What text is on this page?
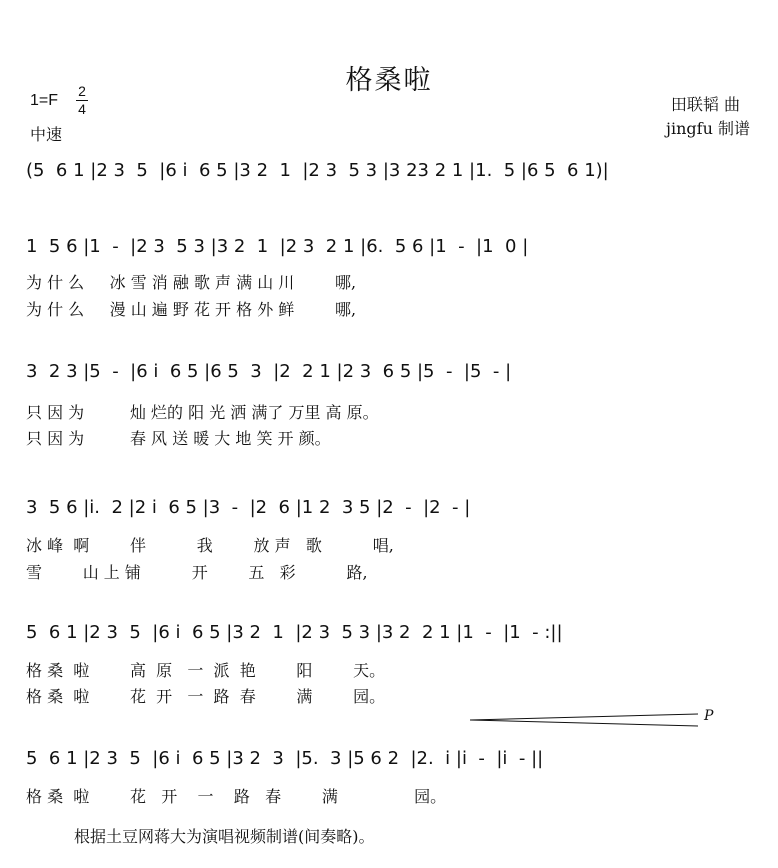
格桑啦
1=F
2
4
中速
田联韬 曲
jingfu 制谱
(5  6 1 |2 3  5  |6 i  6 5 |3 2  1  |2 3  5 3 |3 23 2 1 |1.  5 |6 5  6 1)|
1  5 6 |1  -  |2 3  5 3 |3 2  1  |2 3  2 1 |6.  5 6 |1  -  |1  0 |
为 什 么     冰 雪 消 融 歌 声 满 山 川        哪,
为 什 么     漫 山 遍 野 花 开 格 外 鲜        哪,
3  2 3 |5  -  |6 i  6 5 |6 5  3  |2  2 1 |2 3  6 5 |5  -  |5  - |
只 因 为         灿 烂的 阳 光 洒 满了 万里 高 原。
只 因 为         春 风 送 暖 大 地 笑 开 颜。
3  5 6 |i.  2 |2 i  6 5 |3  -  |2  6 |1 2  3 5 |2  -  |2  - |
冰 峰  啊        伴          我        放 声   歌          唱,
雪        山 上 铺          开        五   彩          路,
5  6 1 |2 3  5  |6 i  6 5 |3 2  1  |2 3  5 3 |3 2  2 1 |1  -  |1  - :||
格 桑  啦        高  原   一  派  艳        阳        天。
格 桑  啦        花  开   一  路  春        满        园。
P
5  6 1 |2 3  5  |6 i  6 5 |3 2  3  |5.  3 |5 6 2  |2.  i |i  -  |i  - ||
格 桑  啦        花   开    一    路   春        满               园。
根据土豆网蒋大为演唱视频制谱(间奏略)。
